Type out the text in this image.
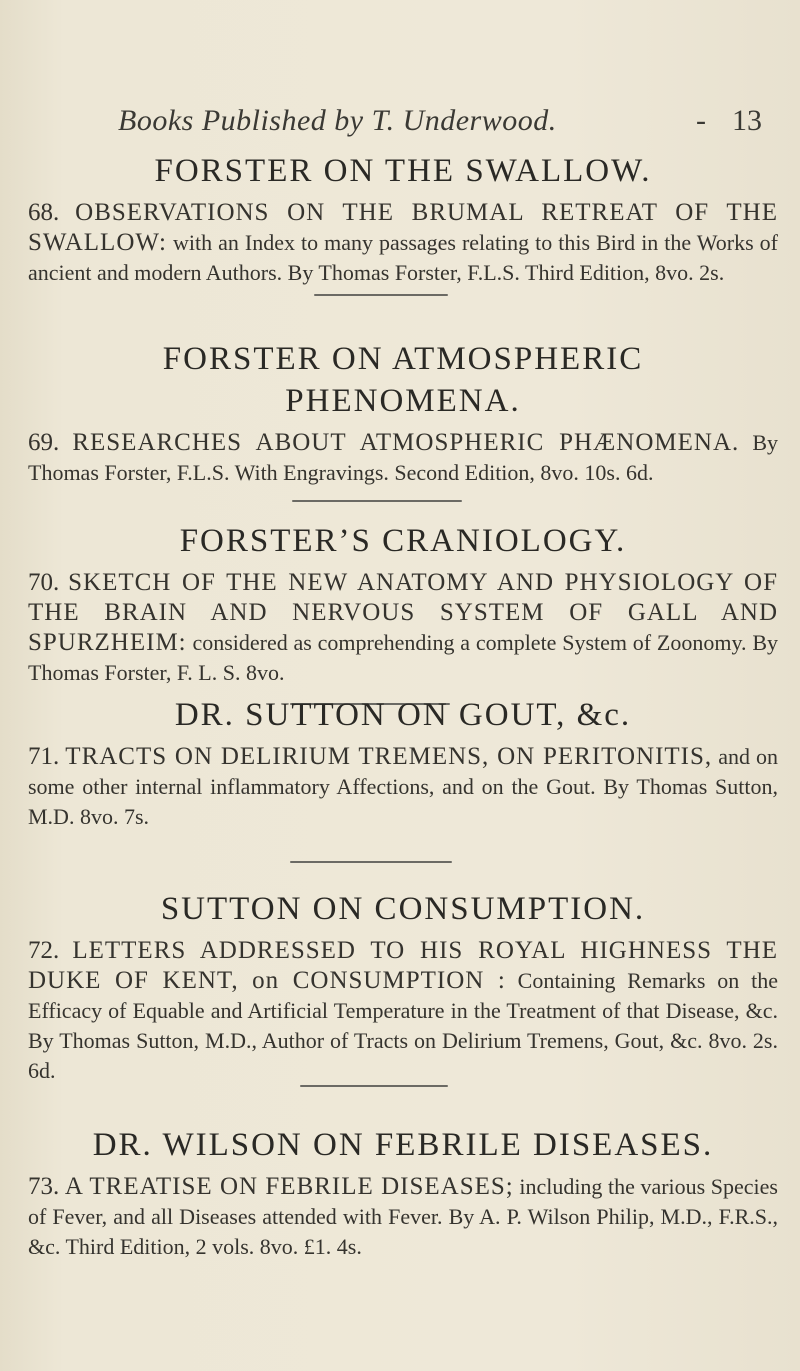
Books Published by T. Underwood.	- 13
FORSTER ON THE SWALLOW.

68. OBSERVATIONS ON THE BRUMAL RETREAT OF THE SWALLOW: with an Index to many passages relating to this Bird in the Works of ancient and modern Authors. By Thomas Forster, F.L.S. Third Edition, 8vo. 2s.

FORSTER ON ATMOSPHERIC
PHENOMENA.

69. RESEARCHES ABOUT ATMOSPHERIC PHÆNOMENA. By Thomas Forster, F.L.S. With Engravings. Second Edition, 8vo. 10s. 6d.

FORSTER’S CRANIOLOGY.

70. SKETCH OF THE NEW ANATOMY AND PHYSIOLOGY OF THE BRAIN AND NERVOUS SYSTEM OF GALL AND SPURZHEIM: considered as comprehending a complete System of Zoonomy. By Thomas Forster, F. L. S. 8vo.

DR. SUTTON ON GOUT, &c.

71. TRACTS ON DELIRIUM TREMENS, ON PERITONITIS, and on some other internal inflammatory Affections, and on the Gout. By Thomas Sutton, M.D. 8vo. 7s.

SUTTON ON CONSUMPTION.

72. LETTERS ADDRESSED TO HIS ROYAL HIGHNESS THE DUKE OF KENT, on CONSUMPTION : Containing Remarks on the Efficacy of Equable and Artificial Temperature in the Treatment of that Disease, &c. By Thomas Sutton, M.D., Author of Tracts on Delirium Tremens, Gout, &c. 8vo. 2s. 6d.

DR. WILSON ON FEBRILE DISEASES.

73. A TREATISE ON FEBRILE DISEASES; including the various Species of Fever, and all Diseases attended with Fever. By A. P. Wilson Philip, M.D., F.R.S., &c. Third Edition, 2 vols. 8vo. £1. 4s.
